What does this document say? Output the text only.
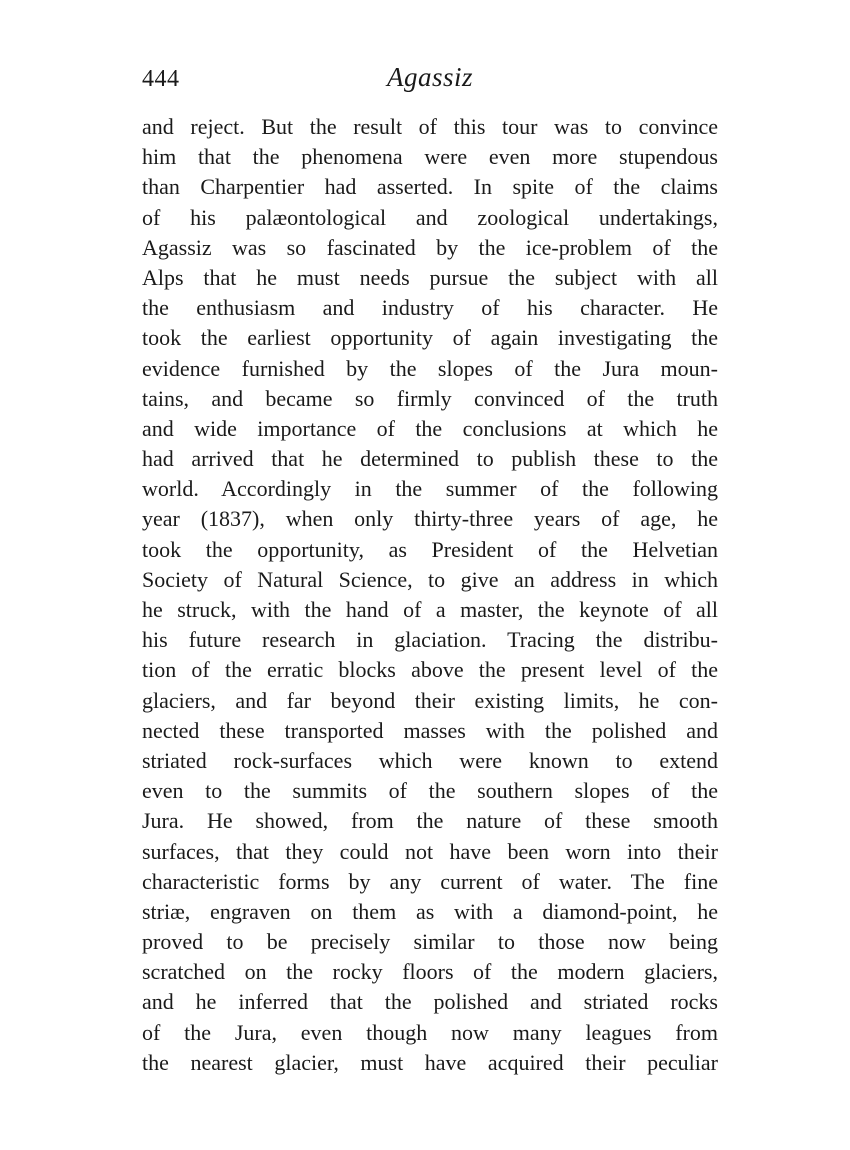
444	Agassiz
and reject. But the result of this tour was to convince
him that the phenomena were even more stupendous
than Charpentier had asserted. In spite of the claims
of his palæontological and zoological undertakings,
Agassiz was so fascinated by the ice-problem of the
Alps that he must needs pursue the subject with all
the enthusiasm and industry of his character. He
took the earliest opportunity of again investigating the
evidence furnished by the slopes of the Jura moun-
tains, and became so firmly convinced of the truth
and wide importance of the conclusions at which he
had arrived that he determined to publish these to the
world. Accordingly in the summer of the following
year (1837), when only thirty-three years of age, he
took the opportunity, as President of the Helvetian
Society of Natural Science, to give an address in which
he struck, with the hand of a master, the keynote of all
his future research in glaciation. Tracing the distribu-
tion of the erratic blocks above the present level of the
glaciers, and far beyond their existing limits, he con-
nected these transported masses with the polished and
striated rock-surfaces which were known to extend
even to the summits of the southern slopes of the
Jura. He showed, from the nature of these smooth
surfaces, that they could not have been worn into their
characteristic forms by any current of water. The fine
striæ, engraven on them as with a diamond-point, he
proved to be precisely similar to those now being
scratched on the rocky floors of the modern glaciers,
and he inferred that the polished and striated rocks
of the Jura, even though now many leagues from
the nearest glacier, must have acquired their peculiar
